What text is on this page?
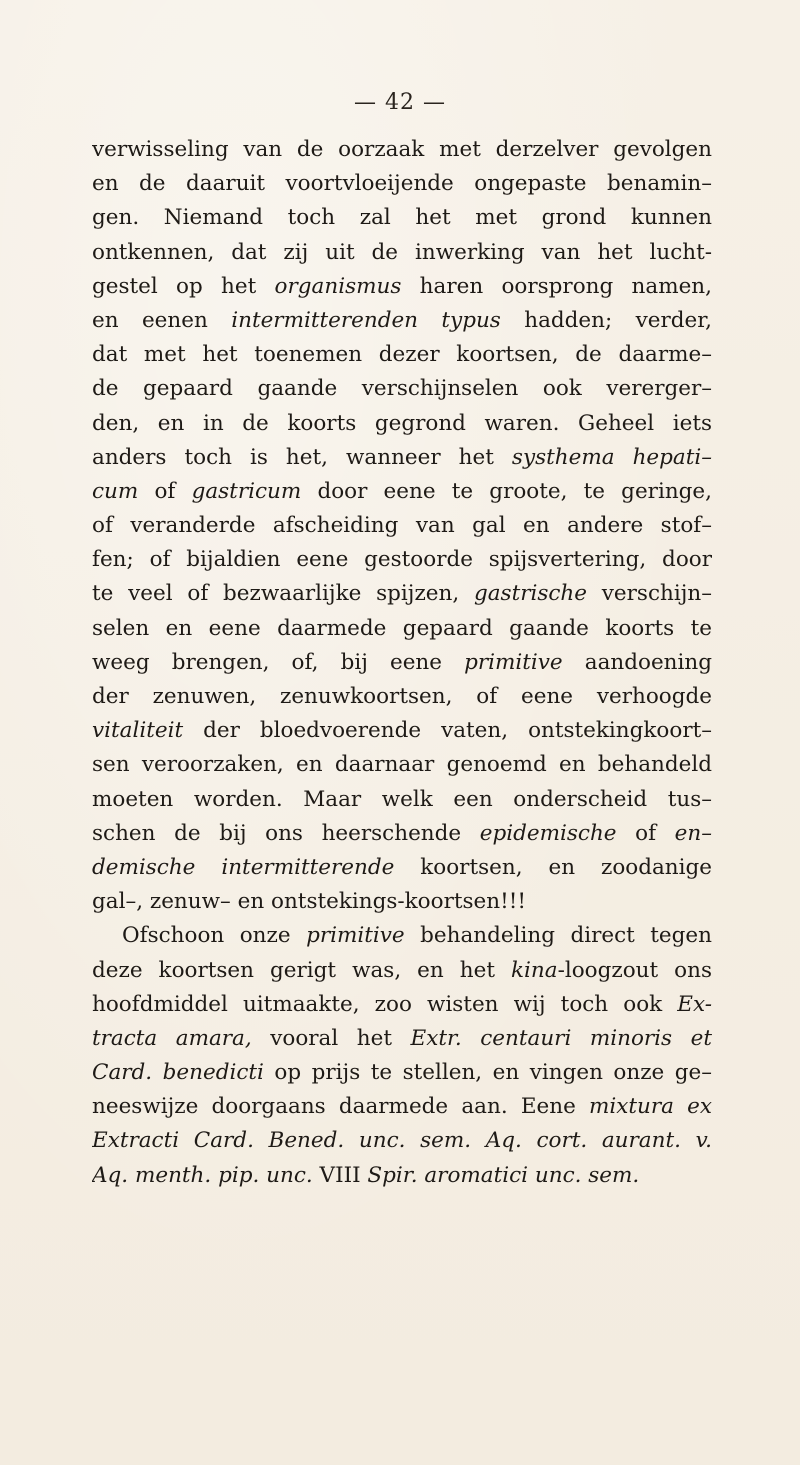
— 42 —
verwisseling van de oorzaak met derzelver gevolgen
en de daaruit voortvloeijende ongepaste benamin–
gen. Niemand toch zal het met grond kunnen
ontkennen, dat zij uit de inwerking van het lucht-
gestel op het organismus haren oorsprong namen,
en eenen intermitterenden typus hadden; verder,
dat met het toenemen dezer koortsen, de daarme–
de gepaard gaande verschijnselen ook vererger–
den, en in de koorts gegrond waren. Geheel iets
anders toch is het, wanneer het systhema hepati–
cum of gastricum door eene te groote, te geringe,
of veranderde afscheiding van gal en andere stof–
fen; of bijaldien eene gestoorde spijsvertering, door
te veel of bezwaarlijke spijzen, gastrische verschijn–
selen en eene daarmede gepaard gaande koorts te
weeg brengen, of, bij eene primitive aandoening
der zenuwen, zenuwkoortsen, of eene verhoogde
vitaliteit der bloedvoerende vaten, ontstekingkoort–
sen veroorzaken, en daarnaar genoemd en behandeld
moeten worden. Maar welk een onderscheid tus–
schen de bij ons heerschende epidemische of en–
demische intermitterende koortsen, en zoodanige
gal–, zenuw– en ontstekings-koortsen!!!
Ofschoon onze primitive behandeling direct tegen
deze koortsen gerigt was, en het kina-loogzout ons
hoofdmiddel uitmaakte, zoo wisten wij toch ook Ex-
tracta amara, vooral het Extr. centauri minoris et
Card. benedicti op prijs te stellen, en vingen onze ge–
neeswijze doorgaans daarmede aan. Eene mixtura ex
Extracti Card. Bened. unc. sem. Aq. cort. aurant. v.
Aq. menth. pip. unc. VIII Spir. aromatici unc. sem.
